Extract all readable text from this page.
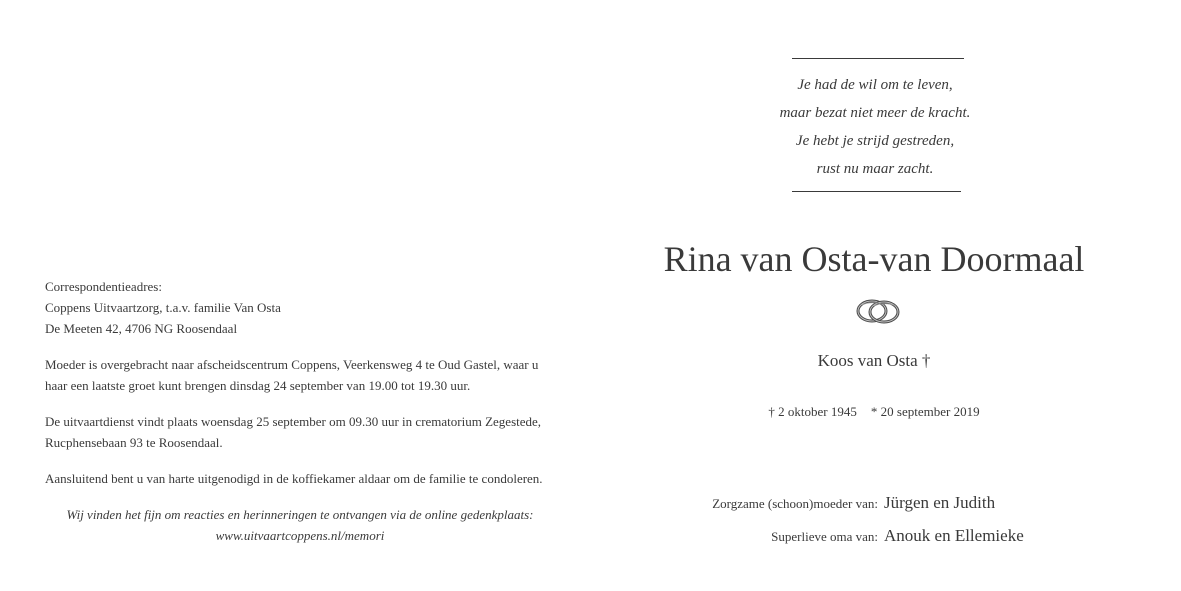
Correspondentieadres:
Coppens Uitvaartzorg, t.a.v. familie Van Osta
De Meeten 42, 4706 NG Roosendaal

Moeder is overgebracht naar afscheidscentrum Coppens, Veerkensweg 4 te Oud Gastel, waar u
haar een laatste groet kunt brengen dinsdag 24 september van 19.00 tot 19.30 uur.

De uitvaartdienst vindt plaats woensdag 25 september om 09.30 uur in crematorium Zegestede,
Rucphensebaan 93 te Roosendaal.

Aansluitend bent u van harte uitgenodigd in de koffiekamer aldaar om de familie te condoleren.

Wij vinden het fijn om reacties en herinneringen te ontvangen via de online gedenkplaats:
www.uitvaartcoppens.nl/memori

Je had de wil om te leven,
maar bezat niet meer de kracht.
Je hebt je strijd gestreden,
rust nu maar zacht.
Rina van Osta-van Doormaal
Koos van Osta †
† 2 oktober 1945 * 20 september 2019
Zorgzame (schoon)moeder van: Jürgen en Judith
Superlieve oma van: Anouk en Ellemieke
